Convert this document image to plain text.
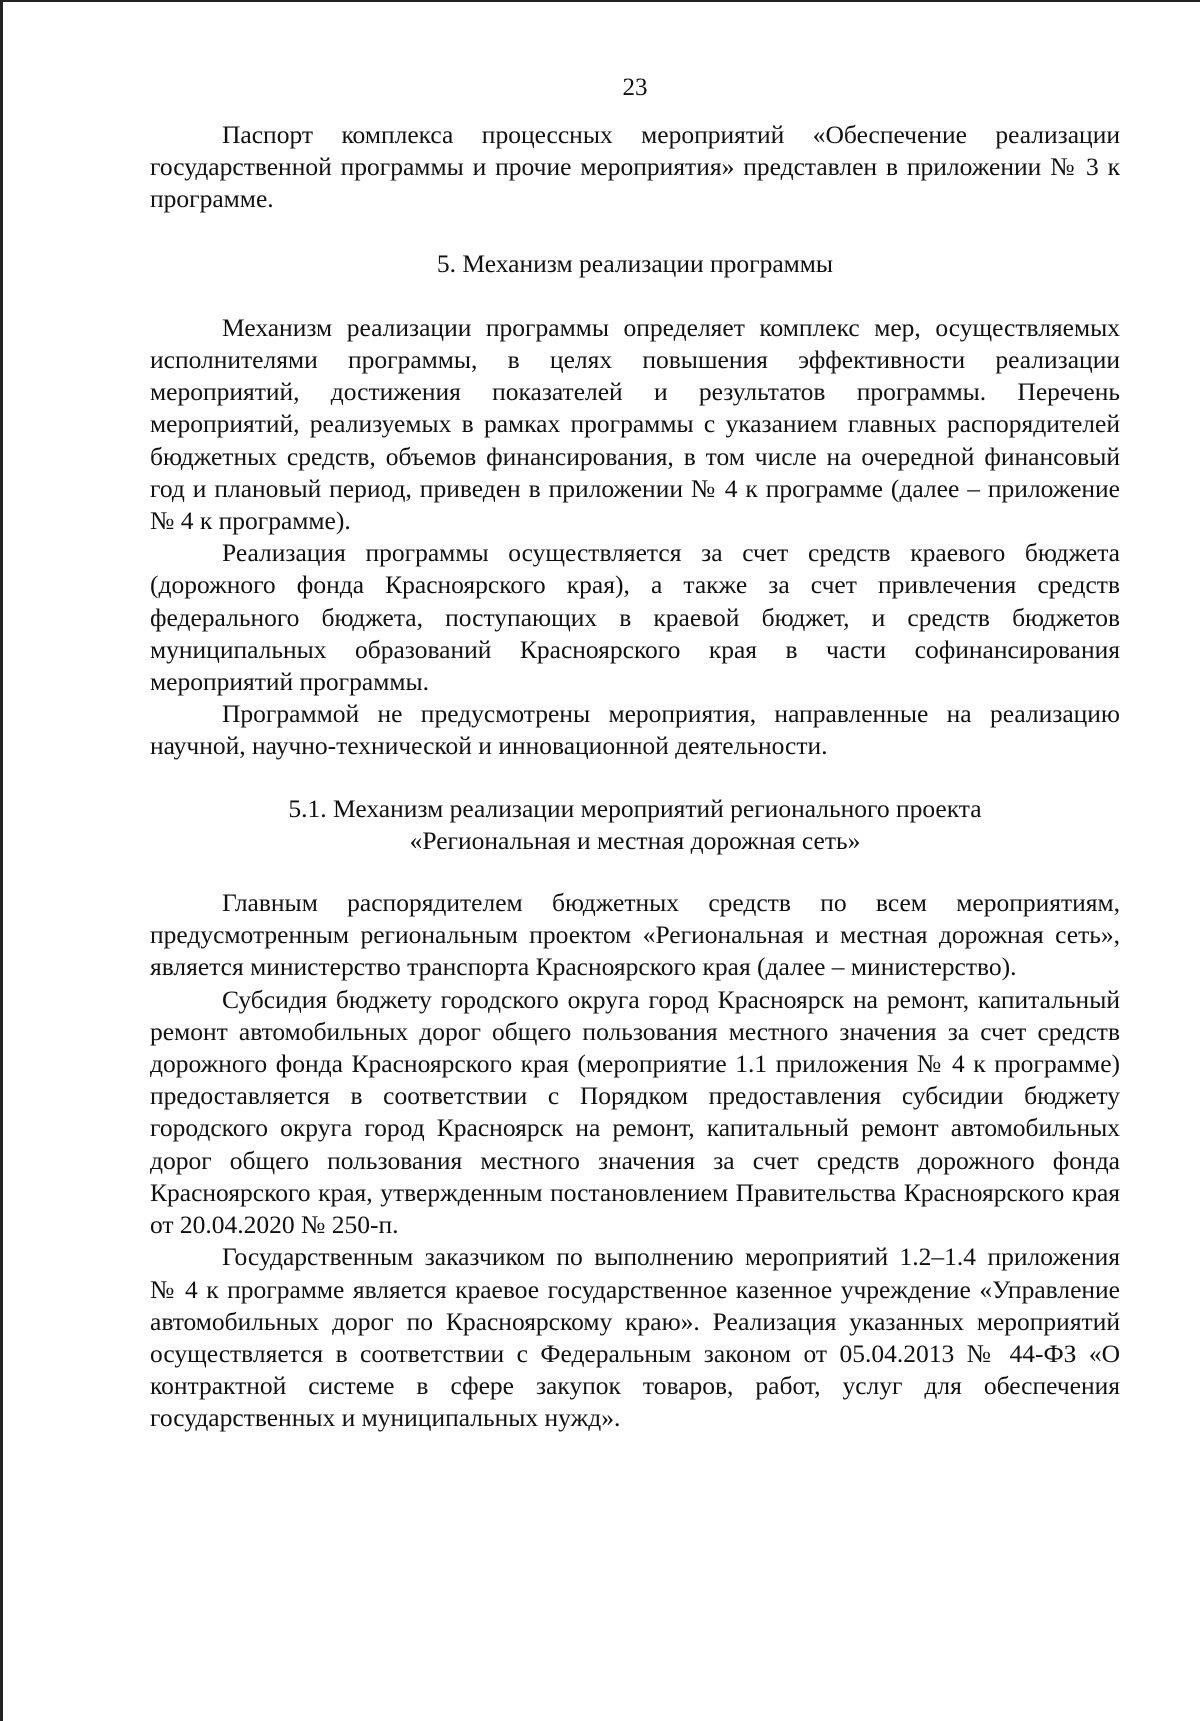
23

Паспорт комплекса процессных мероприятий «Обеспечение реализации государственной программы и прочие мероприятия» представлен в приложении № 3 к программе.

5. Механизм реализации программы

Механизм реализации программы определяет комплекс мер, осуществляемых исполнителями программы, в целях повышения эффективности реализации мероприятий, достижения показателей и результатов программы. Перечень мероприятий, реализуемых в рамках программы с указанием главных распорядителей бюджетных средств, объемов финансирования, в том числе на очередной финансовый год и плановый период, приведен в приложении № 4 к программе (далее – приложение № 4 к программе).

Реализация программы осуществляется за счет средств краевого бюджета (дорожного фонда Красноярского края), а также за счет привлечения средств федерального бюджета, поступающих в краевой бюджет, и средств бюджетов муниципальных образований Красноярского края в части софинансирования мероприятий программы.

Программой не предусмотрены мероприятия, направленные на реализацию научной, научно-технической и инновационной деятельности.

5.1. Механизм реализации мероприятий регионального проекта
«Региональная и местная дорожная сеть»

Главным распорядителем бюджетных средств по всем мероприятиям, предусмотренным региональным проектом «Региональная и местная дорожная сеть», является министерство транспорта Красноярского края (далее – министерство).

Субсидия бюджету городского округа город Красноярск на ремонт, капитальный ремонт автомобильных дорог общего пользования местного значения за счет средств дорожного фонда Красноярского края (мероприятие 1.1 приложения № 4 к программе) предоставляется в соответствии с Порядком предоставления субсидии бюджету городского округа город Красноярск на ремонт, капитальный ремонт автомобильных дорог общего пользования местного значения за счет средств дорожного фонда Красноярского края, утвержденным постановлением Правительства Красноярского края от 20.04.2020 № 250-п.

Государственным заказчиком по выполнению мероприятий 1.2–1.4 приложения № 4 к программе является краевое государственное казенное учреждение «Управление автомобильных дорог по Красноярскому краю». Реализация указанных мероприятий осуществляется в соответствии с Федеральным законом от 05.04.2013 № 44-ФЗ «О контрактной системе в сфере закупок товаров, работ, услуг для обеспечения государственных и муниципальных нужд».
